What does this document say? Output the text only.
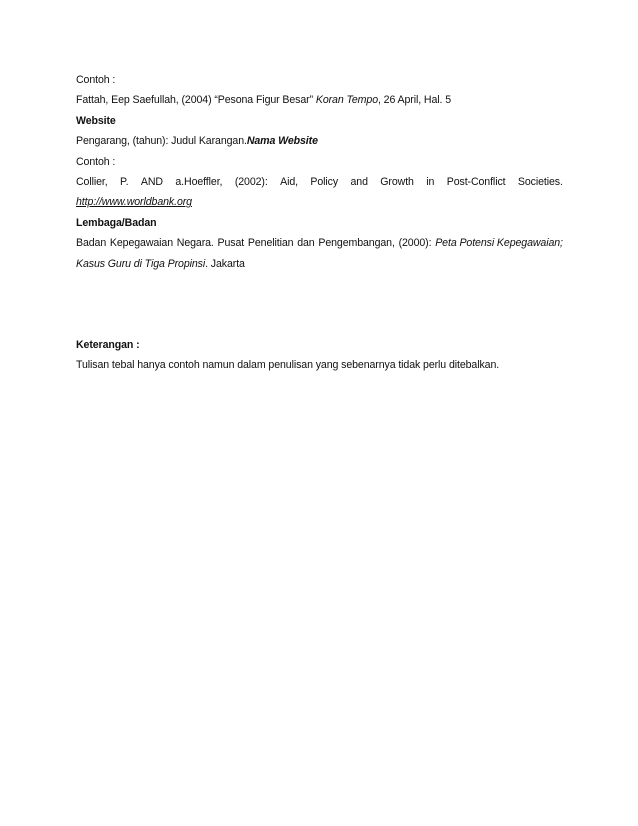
Contoh :
Fattah, Eep Saefullah, (2004) “Pesona Figur Besar” Koran Tempo, 26 April, Hal. 5
Website
Pengarang, (tahun): Judul Karangan.Nama Website
Contoh :
Collier, P. AND a.Hoeffler, (2002): Aid, Policy and Growth in Post-Conflict Societies.
http://www.worldbank.org
Lembaga/Badan
Badan Kepegawaian Negara. Pusat Penelitian dan Pengembangan, (2000): Peta Potensi Kepegawaian;
Kasus Guru di Tiga Propinsi. Jakarta
Keterangan :
Tulisan tebal hanya contoh namun dalam penulisan yang sebenarnya tidak perlu ditebalkan.
